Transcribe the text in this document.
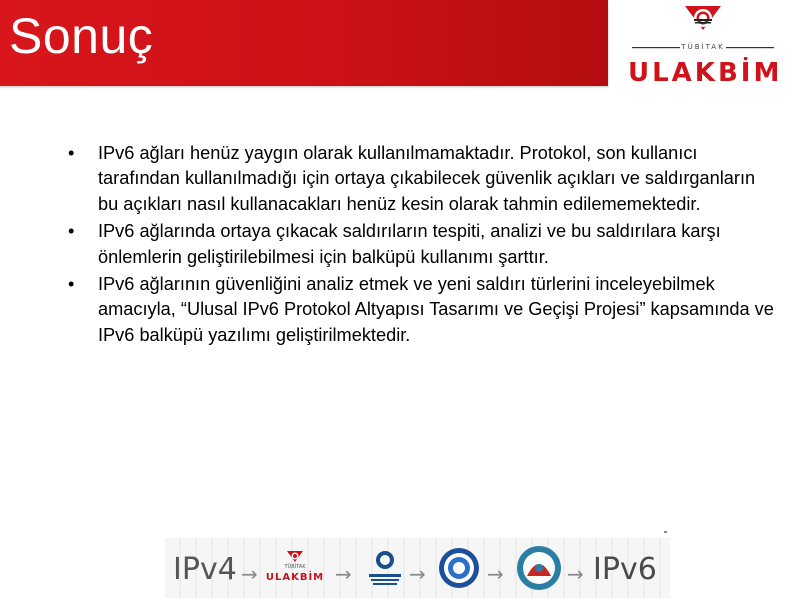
Sonuç	TÜBİTAK
ULAKBİM
• IPv6 ağları henüz yaygın olarak kullanılmamaktadır. Protokol, son kullanıcı tarafından kullanılmadığı için ortaya çıkabilecek güvenlik açıkları ve saldırganların bu açıkları nasıl kullanacakları henüz kesin olarak tahmin edilememektedir.
• IPv6 ağlarında ortaya çıkacak saldırıların tespiti, analizi ve bu saldırılara karşı önlemlerin geliştirilebilmesi için balküpü kullanımı şarttır.
• IPv6 ağlarının güvenliğini analiz etmek ve yeni saldırı türlerini inceleyebilmek amacıyla, “Ulusal IPv6 Protokol Altyapısı Tasarımı ve Geçişi Projesi” kapsamında ve IPv6 balküpü yazılımı geliştirilmektedir.
IPv4 →	TÜBİTAK
ULAKBİM →	→	→	→ IPv6
